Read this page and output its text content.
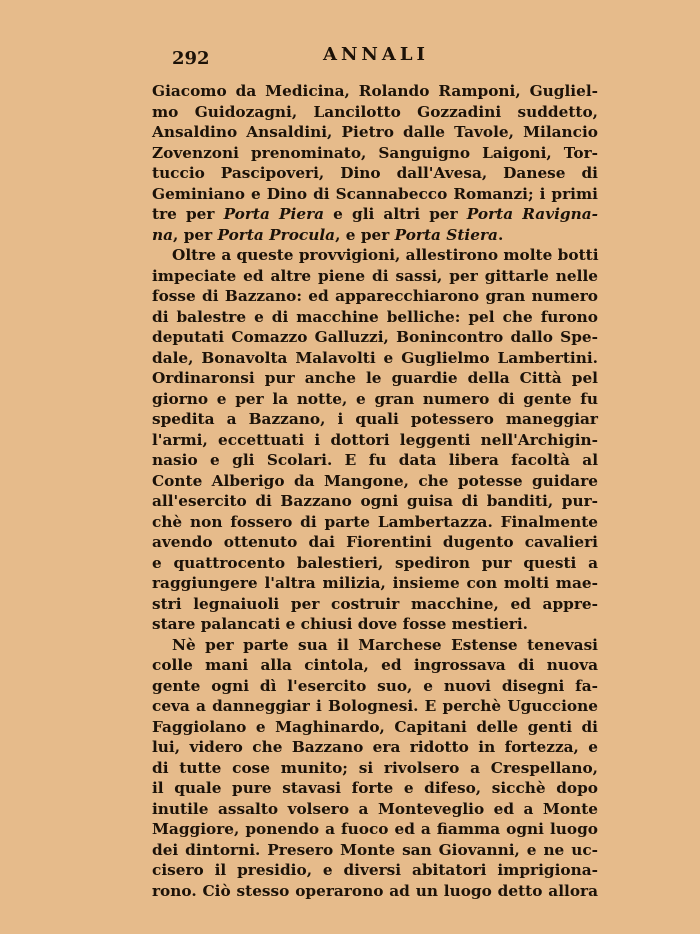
292	ANNALI
Giacomo da Medicina, Rolando Ramponi, Gugliel-
mo Guidozagni, Lancilotto Gozzadini suddetto,
Ansaldino Ansaldini, Pietro dalle Tavole, Milancio
Zovenzoni prenominato, Sanguigno Laigoni, Tor-
tuccio Pascipoveri, Dino dall'Avesa, Danese di
Geminiano e Dino di Scannabecco Romanzi; i primi
tre per Porta Piera e gli altri per Porta Ravigna-
na, per Porta Procula, e per Porta Stiera.
Oltre a queste provvigioni, allestirono molte botti
impeciate ed altre piene di sassi, per gittarle nelle
fosse di Bazzano: ed apparecchiarono gran numero
di balestre e di macchine belliche: pel che furono
deputati Comazzo Galluzzi, Bonincontro dallo Spe-
dale, Bonavolta Malavolti e Guglielmo Lambertini.
Ordinaronsi pur anche le guardie della Città pel
giorno e per la notte, e gran numero di gente fu
spedita a Bazzano, i quali potessero maneggiar
l'armi, eccettuati i dottori leggenti nell'Archigin-
nasio e gli Scolari. E fu data libera facoltà al
Conte Alberigo da Mangone, che potesse guidare
all'esercito di Bazzano ogni guisa di banditi, pur-
chè non fossero di parte Lambertazza. Finalmente
avendo ottenuto dai Fiorentini dugento cavalieri
e quattrocento balestieri, spediron pur questi a
raggiungere l'altra milizia, insieme con molti mae-
stri legnaiuoli per costruir macchine, ed appre-
stare palancati e chiusi dove fosse mestieri.
Nè per parte sua il Marchese Estense tenevasi
colle mani alla cintola, ed ingrossava di nuova
gente ogni dì l'esercito suo, e nuovi disegni fa-
ceva a danneggiar i Bolognesi. E perchè Uguccione
Faggiolano e Maghinardo, Capitani delle genti di
lui, videro che Bazzano era ridotto in fortezza, e
di tutte cose munito; si rivolsero a Crespellano,
il quale pure stavasi forte e difeso, sicchè dopo
inutile assalto volsero a Monteveglio ed a Monte
Maggiore, ponendo a fuoco ed a fiamma ogni luogo
dei dintorni. Presero Monte san Giovanni, e ne uc-
cisero il presidio, e diversi abitatori imprigiona-
rono. Ciò stesso operarono ad un luogo detto allora
